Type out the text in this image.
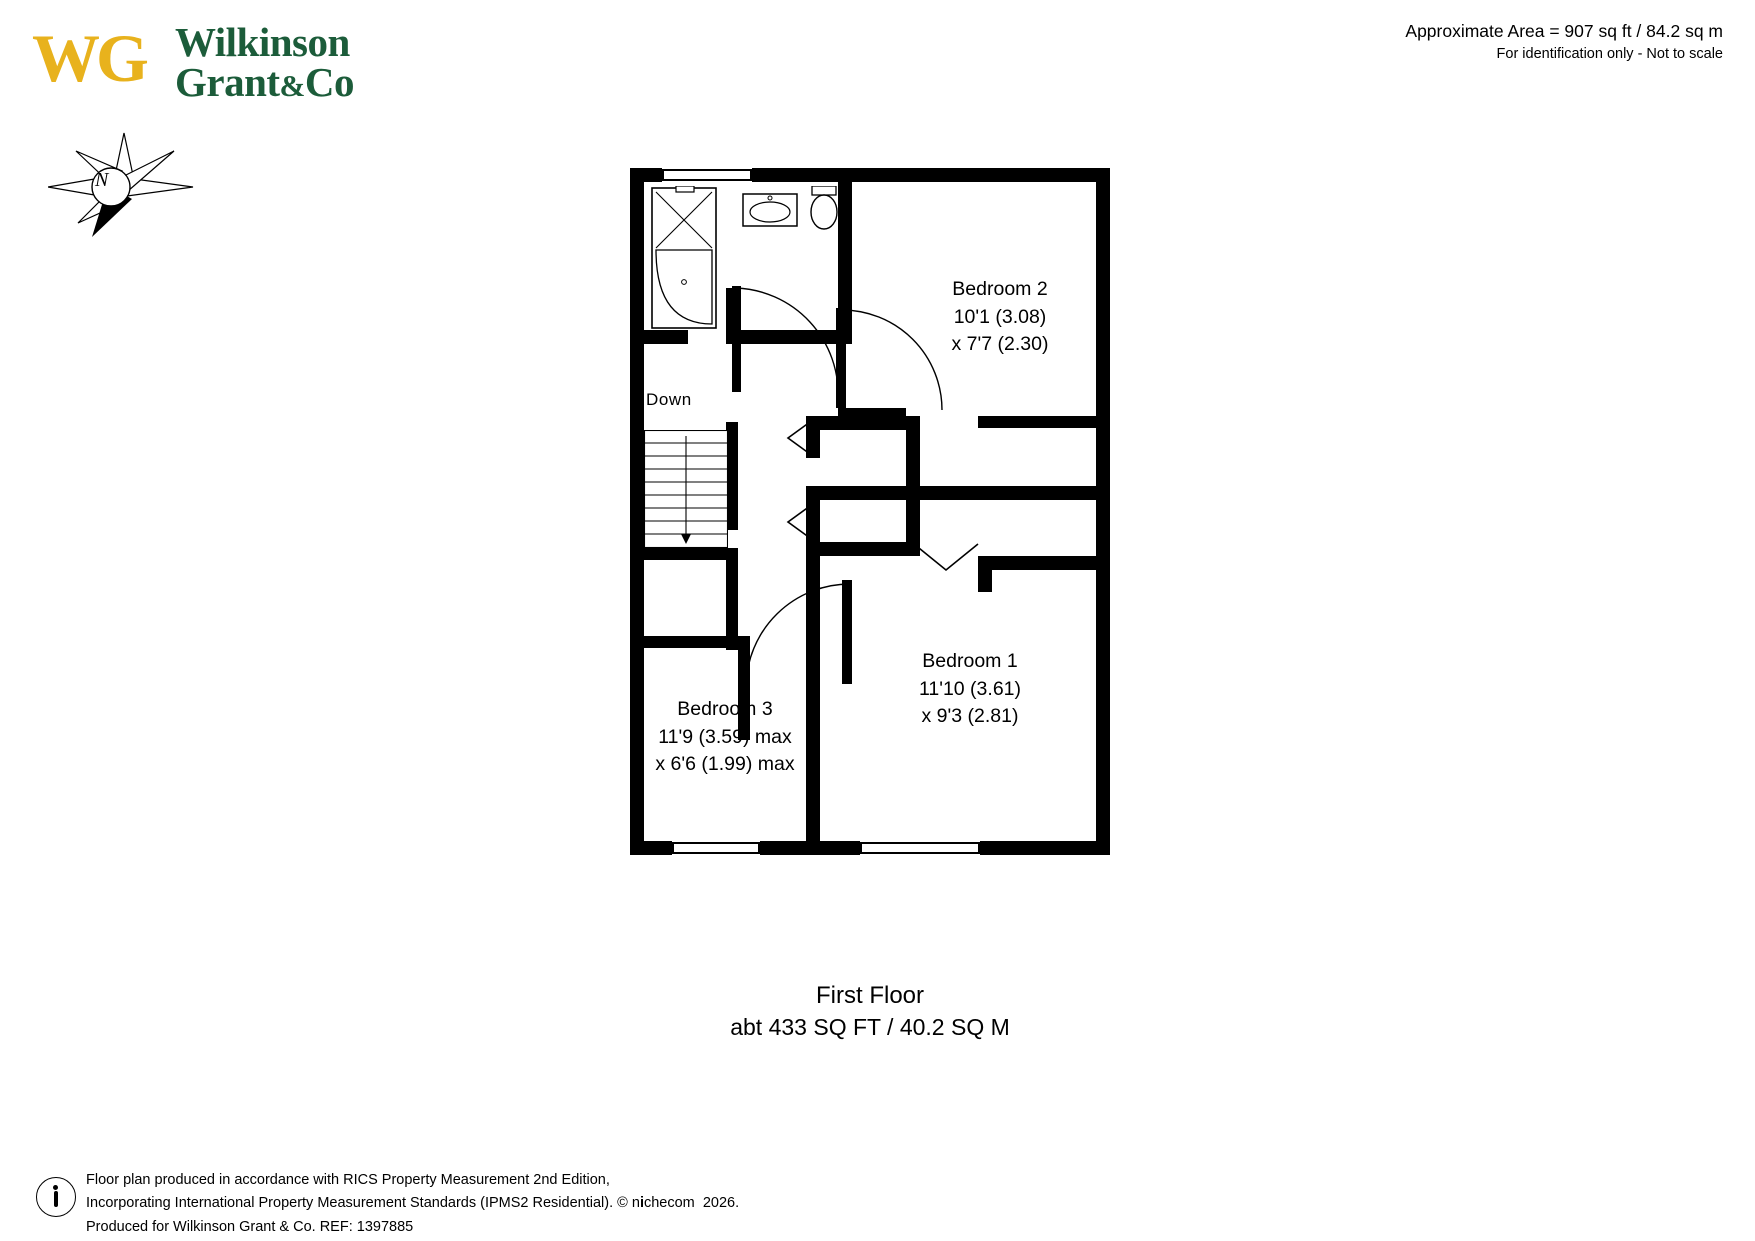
WG Wilkinson
Grant&Co
N
Approximate Area = 907 sq ft / 84.2 sq m
For identification only - Not to scale
Down
Bedroom 2
10'1 (3.08)
x 7'7 (2.30)
Bedroom 1
11'10 (3.61)
x 9'3 (2.81)
Bedroom 3
11'9 (3.59) max
x 6'6 (1.99) max
First Floor
abt 433 SQ FT / 40.2 SQ M
Floor plan produced in accordance with RICS Property Measurement 2nd Edition,
Incorporating International Property Measurement Standards (IPMS2 Residential). © nichecom 2026.
Produced for Wilkinson Grant & Co. REF: 1397885
